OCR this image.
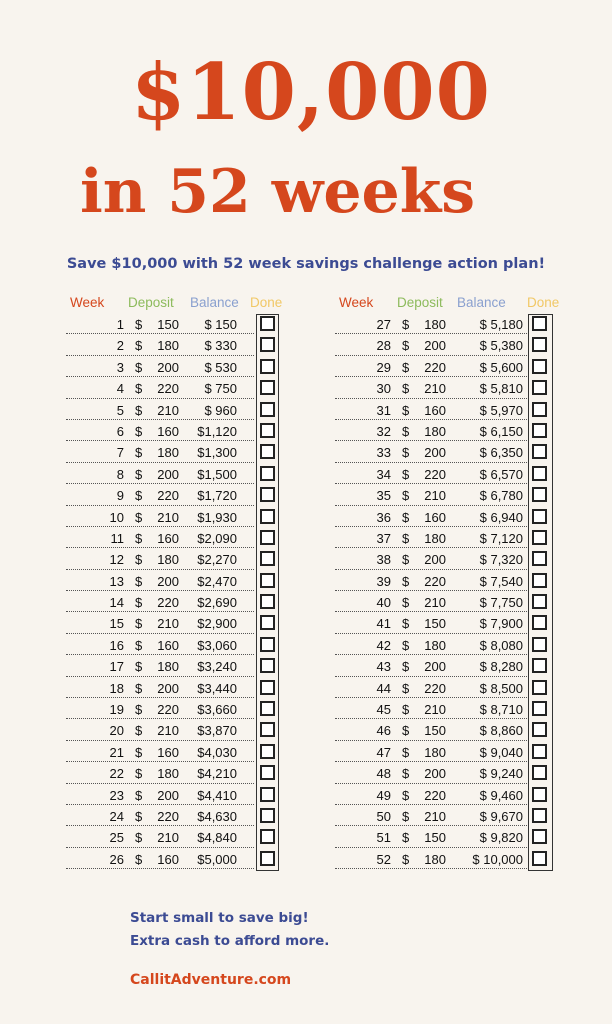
$10,000
in 52 weeks
Save $10,000 with 52 week savings challenge action plan!
Week Deposit Balance Done
1 $	150	$ 150
2 $	180	$ 330
3 $	200	$ 530
4 $	220	$ 750
5 $	210	$ 960
6 $	160	$1,120
7 $	180	$1,300
8 $	200	$1,500
9 $	220	$1,720
10 $	210	$1,930
11 $	160	$2,090
12 $	180	$2,270
13 $	200	$2,470
14 $	220	$2,690
15 $	210	$2,900
16 $	160	$3,060
17 $	180	$3,240
18 $	200	$3,440
19 $	220	$3,660
20 $	210	$3,870
21 $	160	$4,030
22 $	180	$4,210
23 $	200	$4,410
24 $	220	$4,630
25 $	210	$4,840
26 $	160	$5,000
Week Deposit Balance Done
27 $	180	$ 5,180
28 $	200	$ 5,380
29 $	220	$ 5,600
30 $	210	$ 5,810
31 $	160	$ 5,970
32 $	180	$ 6,150
33 $	200	$ 6,350
34 $	220	$ 6,570
35 $	210	$ 6,780
36 $	160	$ 6,940
37 $	180	$ 7,120
38 $	200	$ 7,320
39 $	220	$ 7,540
40 $	210	$ 7,750
41 $	150	$ 7,900
42 $	180	$ 8,080
43 $	200	$ 8,280
44 $	220	$ 8,500
45 $	210	$ 8,710
46 $	150	$ 8,860
47 $	180	$ 9,040
48 $	200	$ 9,240
49 $	220	$ 9,460
50 $	210	$ 9,670
51 $	150	$ 9,820
52 $	180	$ 10,000
Start small to save big!
Extra cash to afford more.
CallitAdventure.com
